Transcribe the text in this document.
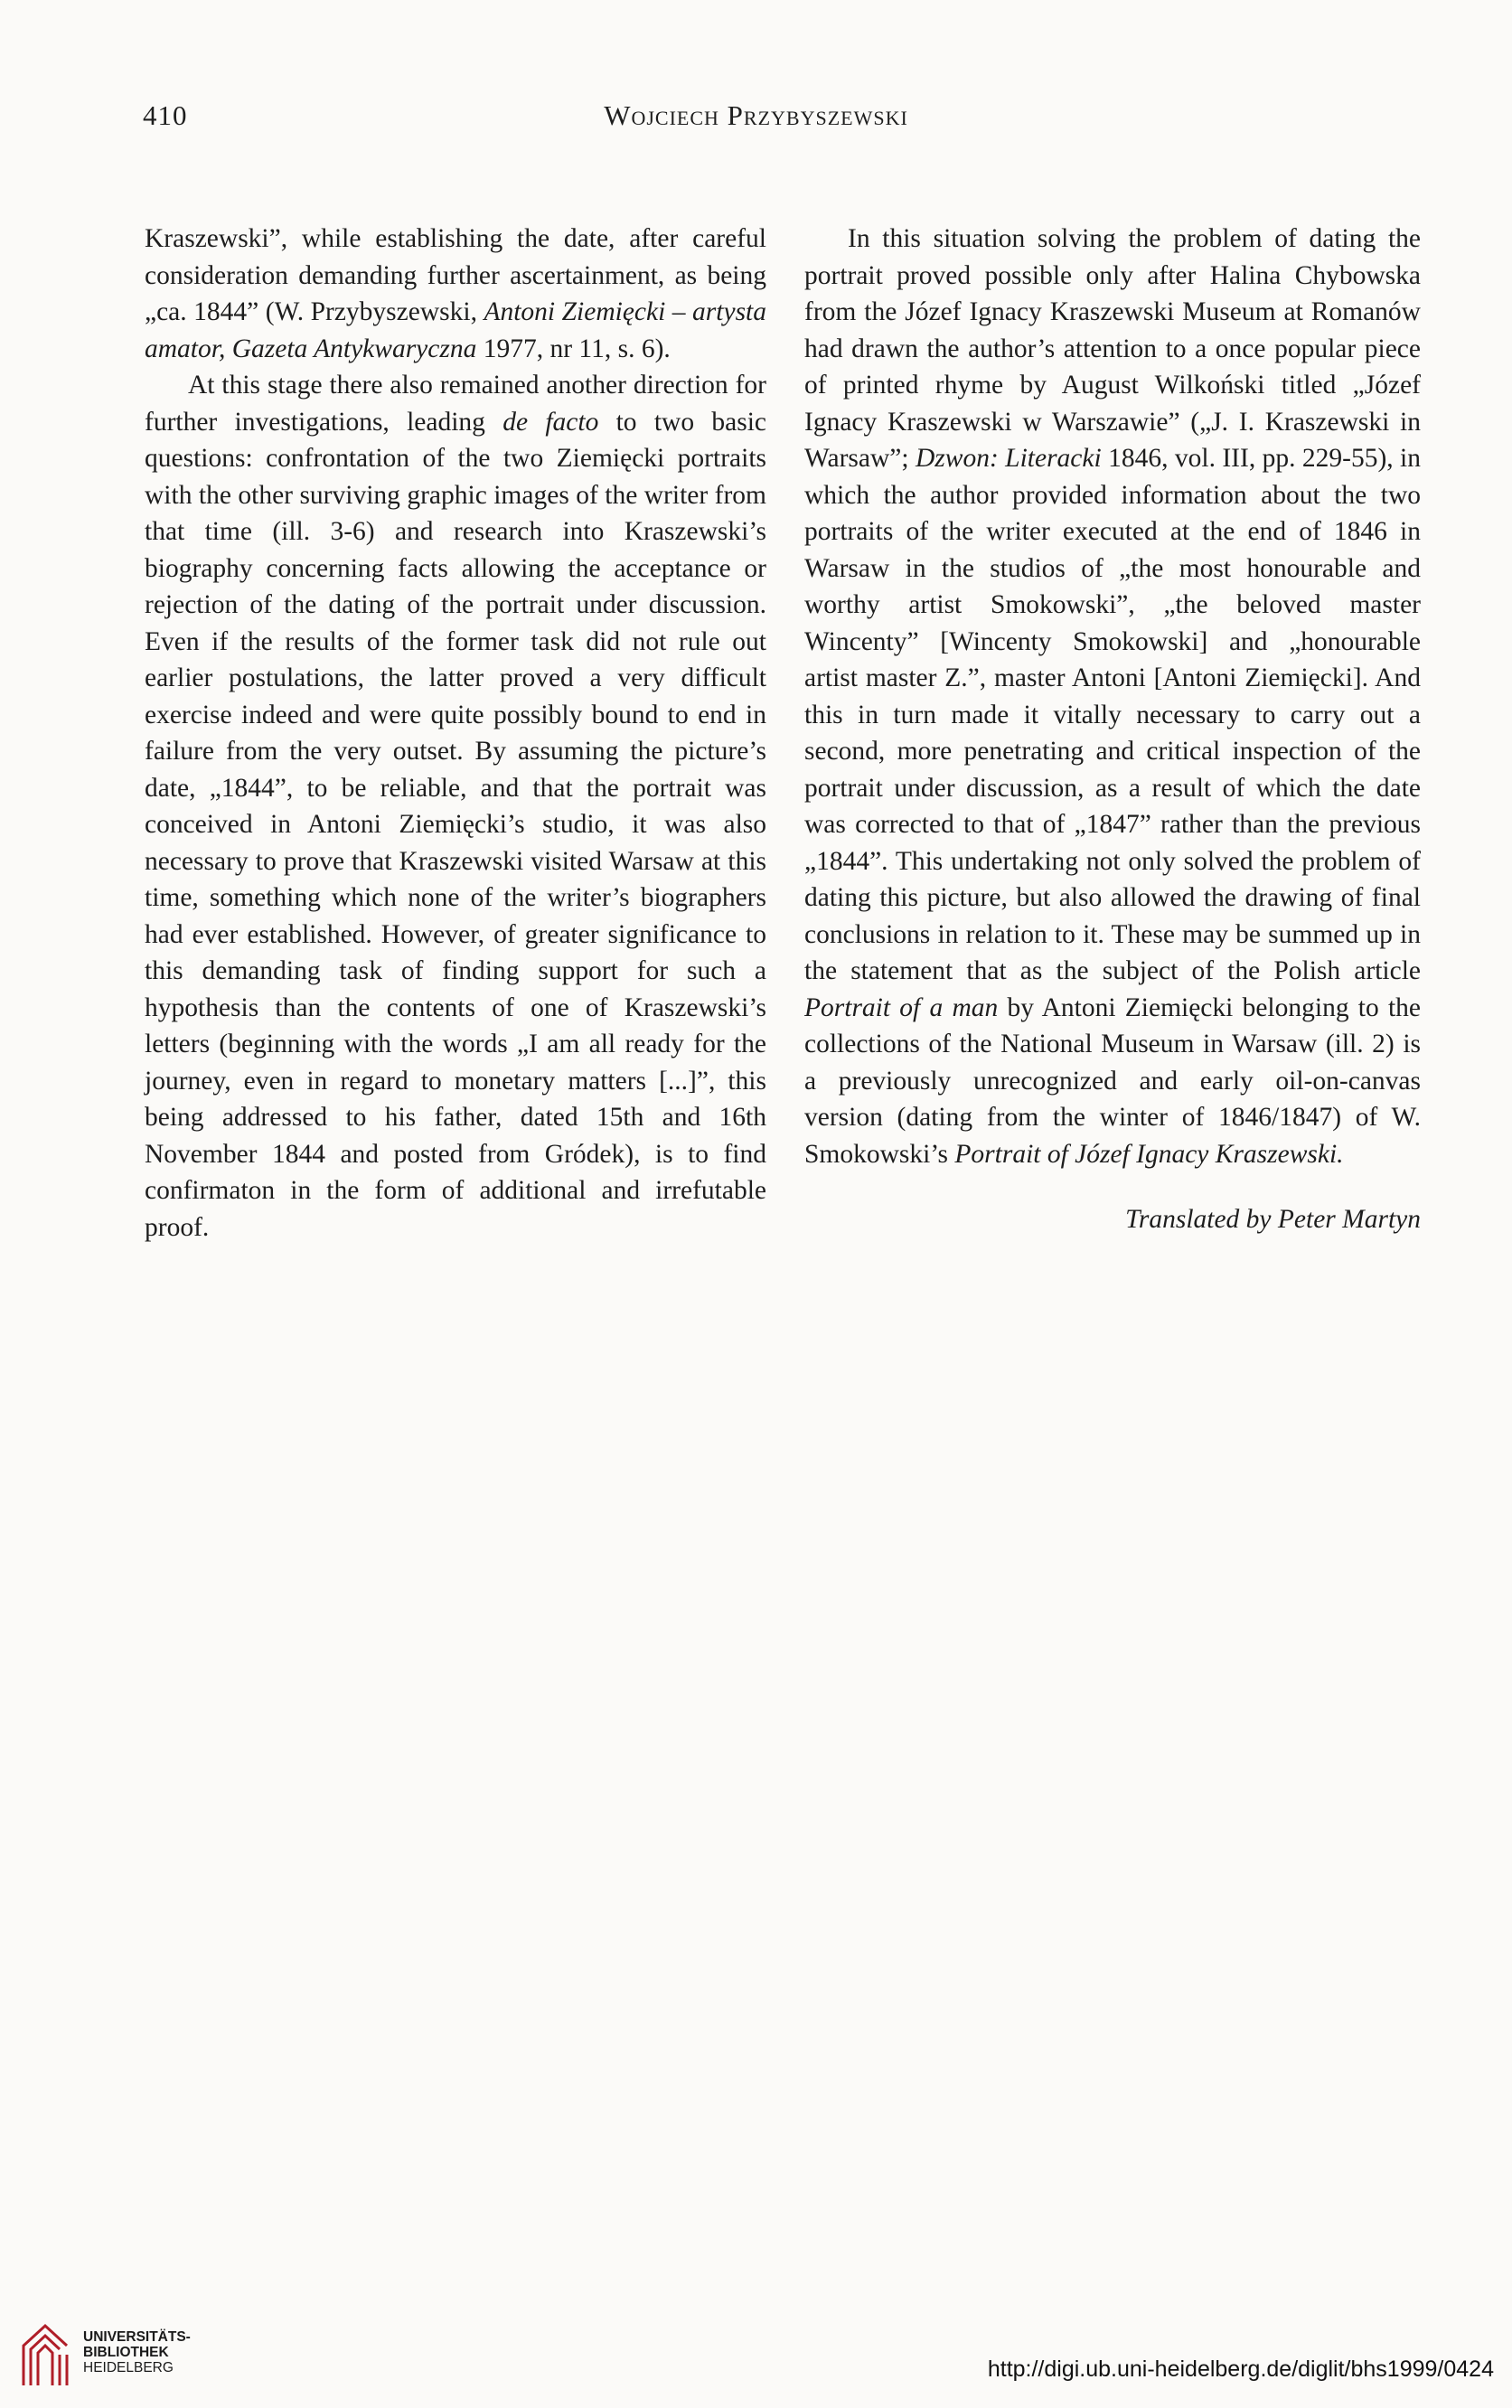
410	Wojciech Przybyszewski

Kraszewski”, while establishing the date, after careful consideration demanding further ascertainment, as being „ca. 1844” (W. Przybyszewski, Antoni Ziemięcki – artysta amator, Gazeta Antykwaryczna 1977, nr 11, s. 6).

At this stage there also remained another direction for further investigations, leading de facto to two basic questions: confrontation of the two Ziemięcki portraits with the other surviving graphic images of the writer from that time (ill. 3-6) and research into Kraszewski’s biography concerning facts allowing the acceptance or rejection of the dating of the portrait under discussion. Even if the results of the former task did not rule out earlier postulations, the latter proved a very difficult exercise indeed and were quite possibly bound to end in failure from the very outset. By assuming the picture’s date, „1844”, to be reliable, and that the portrait was conceived in Antoni Ziemięcki’s studio, it was also necessary to prove that Kraszewski visited Warsaw at this time, something which none of the writer’s biographers had ever established. However, of greater significance to this demanding task of finding support for such a hypothesis than the contents of one of Kraszewski’s letters (beginning with the words „I am all ready for the journey, even in regard to monetary matters [...]”, this being addressed to his father, dated 15th and 16th November 1844 and posted from Gródek), is to find confirmaton in the form of additional and irrefutable proof.

In this situation solving the problem of dating the portrait proved possible only after Halina Chybowska from the Józef Ignacy Kraszewski Museum at Romanów had drawn the author’s attention to a once popular piece of printed rhyme by August Wilkoński titled „Józef Ignacy Kraszewski w Warszawie” („J. I. Kraszewski in Warsaw”; Dzwon: Literacki 1846, vol. III, pp. 229-55), in which the author provided information about the two portraits of the writer executed at the end of 1846 in Warsaw in the studios of „the most honourable and worthy artist Smokowski”, „the beloved master Wincenty” [Wincenty Smokowski] and „honourable artist master Z.”, master Antoni [Antoni Ziemięcki]. And this in turn made it vitally necessary to carry out a second, more penetrating and critical inspection of the portrait under discussion, as a result of which the date was corrected to that of „1847” rather than the previous „1844”. This undertaking not only solved the problem of dating this picture, but also allowed the drawing of final conclusions in relation to it. These may be summed up in the statement that as the subject of the Polish article Portrait of a man by Antoni Ziemięcki belonging to the collections of the National Museum in Warsaw (ill. 2) is a previously unrecognized and early oil-on-canvas version (dating from the winter of 1846/1847) of W. Smokowski’s Portrait of Józef Ignacy Kraszewski.

Translated by Peter Martyn

UNIVERSITÄTS-
BIBLIOTHEK
HEIDELBERG	http://digi.ub.uni-heidelberg.de/diglit/bhs1999/0424
